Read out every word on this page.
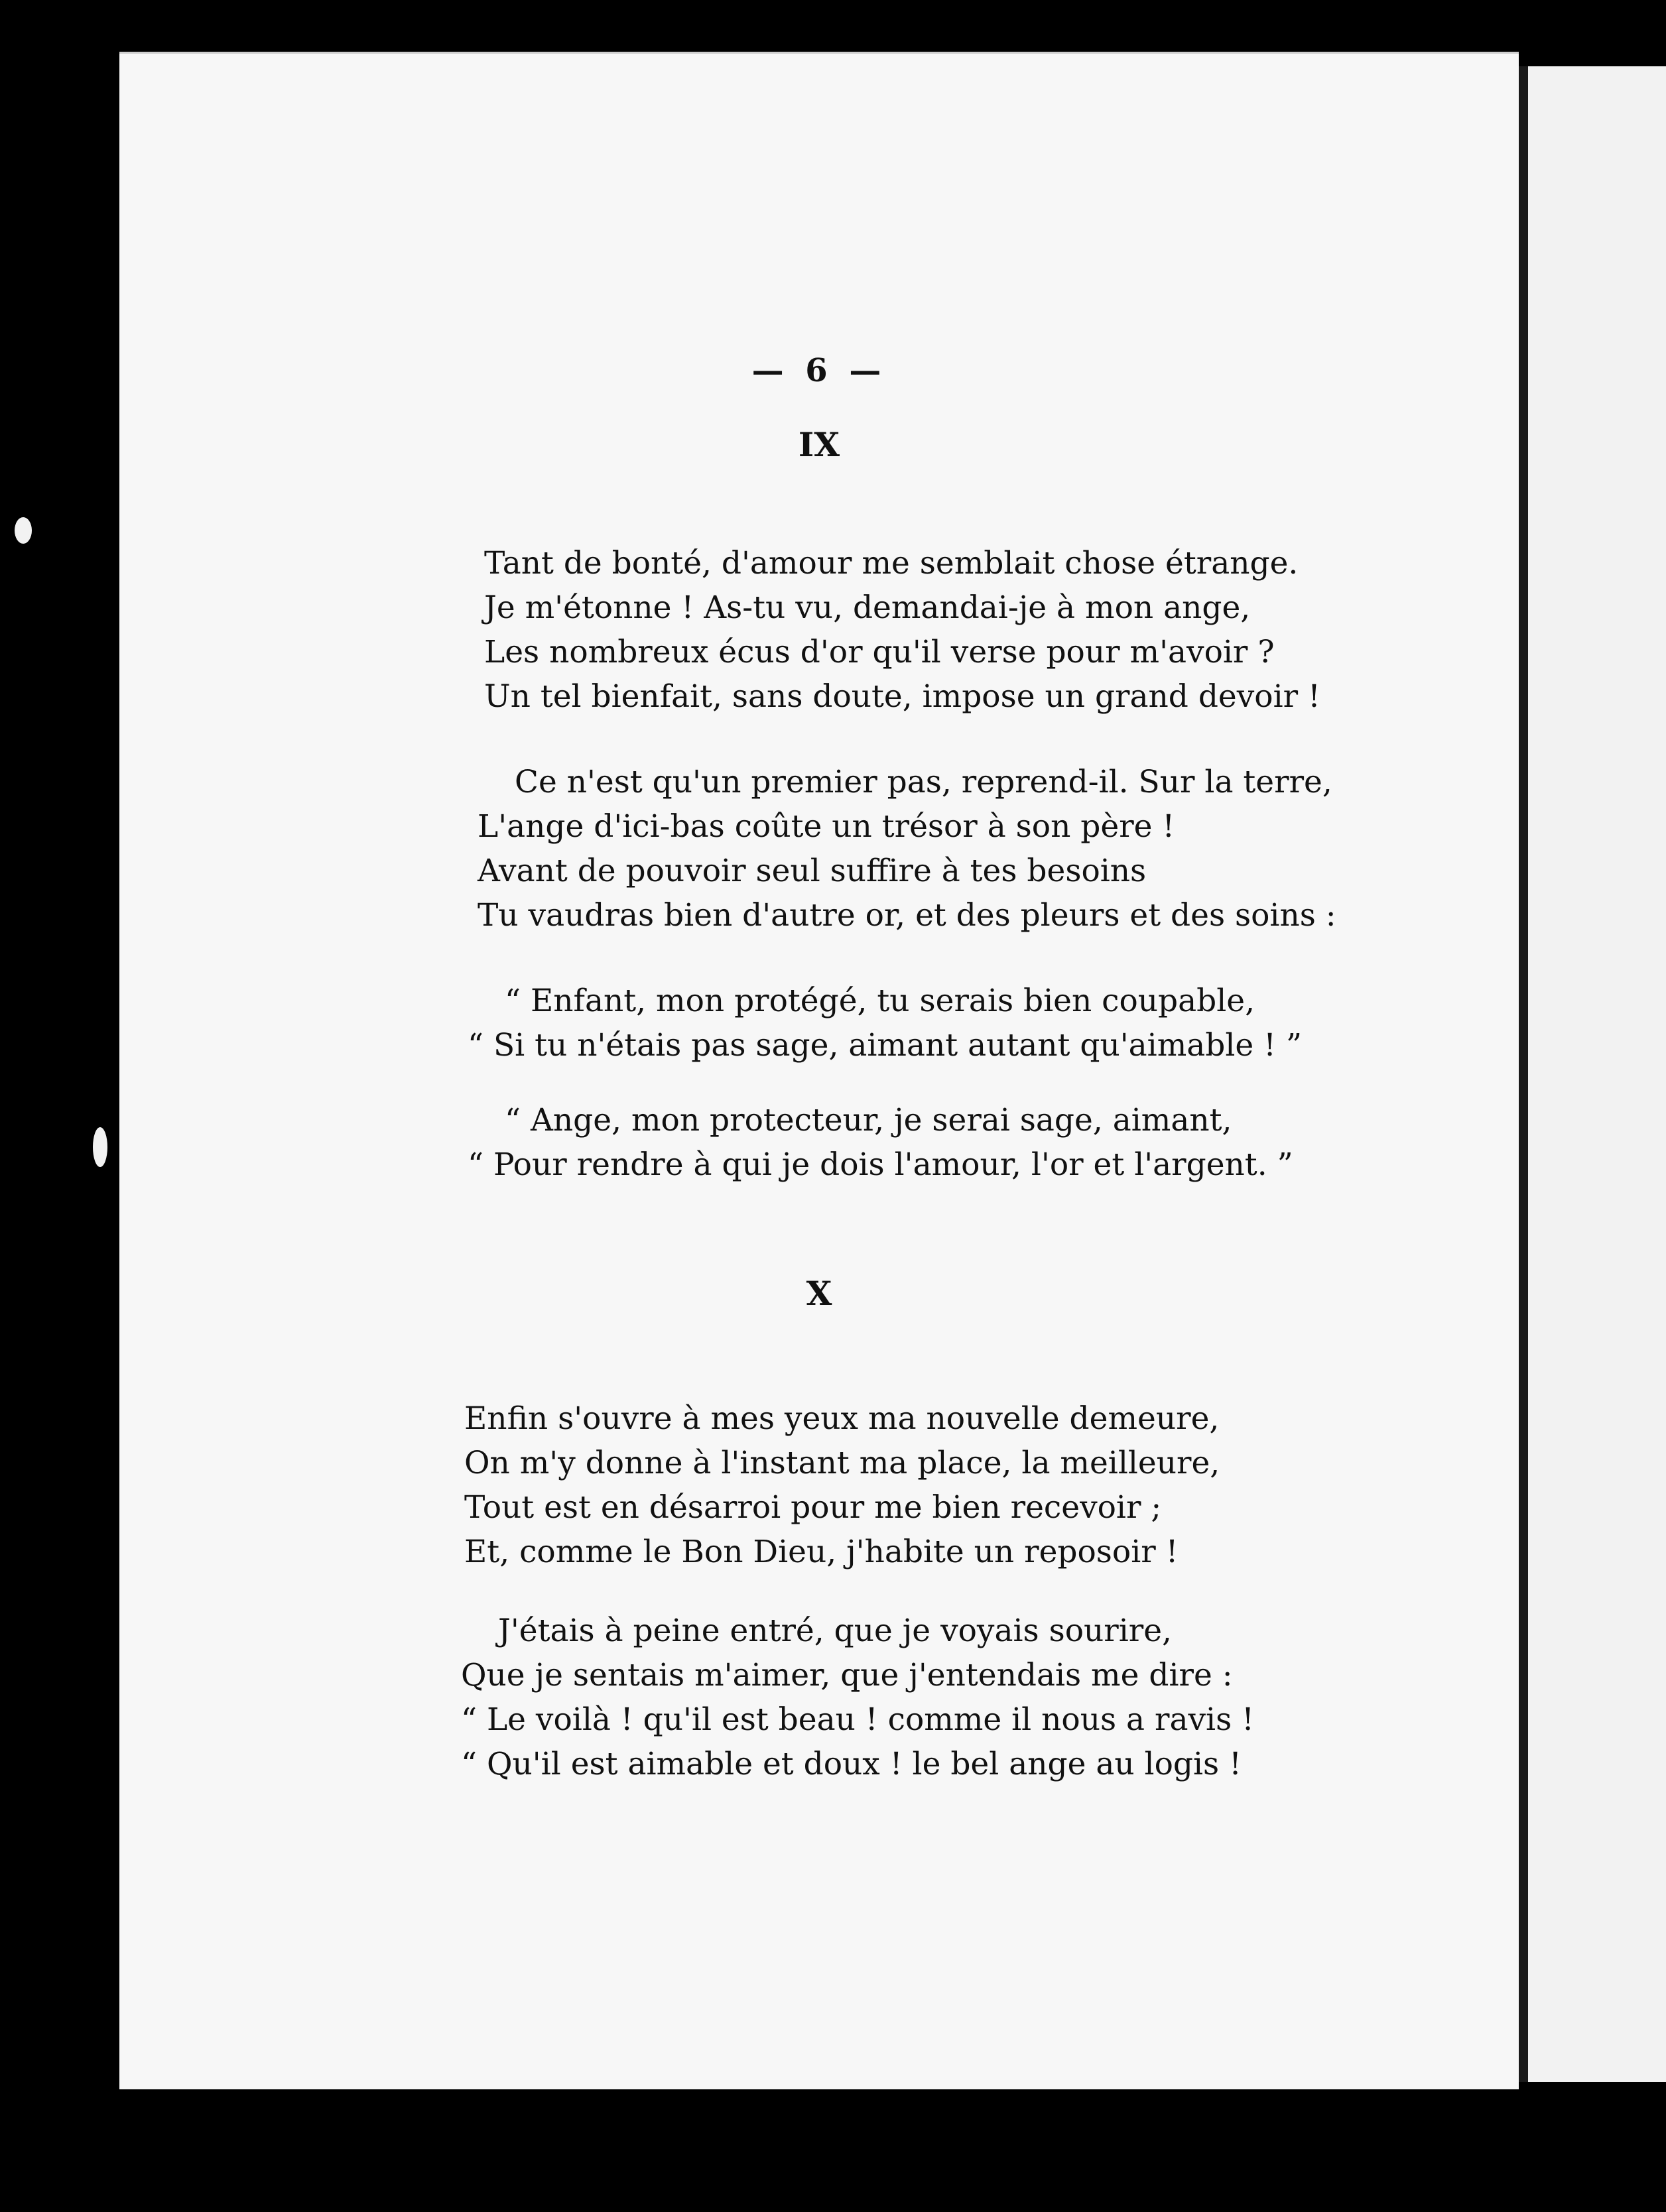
— 6 —
IX
Tant de bonté, d'amour me semblait chose étrange.
Je m'étonne ! As-tu vu, demandai-je à mon ange,
Les nombreux écus d'or qu'il verse pour m'avoir ?
Un tel bienfait, sans doute, impose un grand devoir !
Ce n'est qu'un premier pas, reprend-il. Sur la terre,
L'ange d'ici-bas coûte un trésor à son père !
Avant de pouvoir seul suffire à tes besoins
Tu vaudras bien d'autre or, et des pleurs et des soins :
“ Enfant, mon protégé, tu serais bien coupable,
“ Si tu n'étais pas sage, aimant autant qu'aimable ! ”
“ Ange, mon protecteur, je serai sage, aimant,
“ Pour rendre à qui je dois l'amour, l'or et l'argent. ”
X
Enfin s'ouvre à mes yeux ma nouvelle demeure,
On m'y donne à l'instant ma place, la meilleure,
Tout est en désarroi pour me bien recevoir ;
Et, comme le Bon Dieu, j'habite un reposoir !
J'étais à peine entré, que je voyais sourire,
Que je sentais m'aimer, que j'entendais me dire :
“ Le voilà ! qu'il est beau ! comme il nous a ravis !
“ Qu'il est aimable et doux ! le bel ange au logis !
